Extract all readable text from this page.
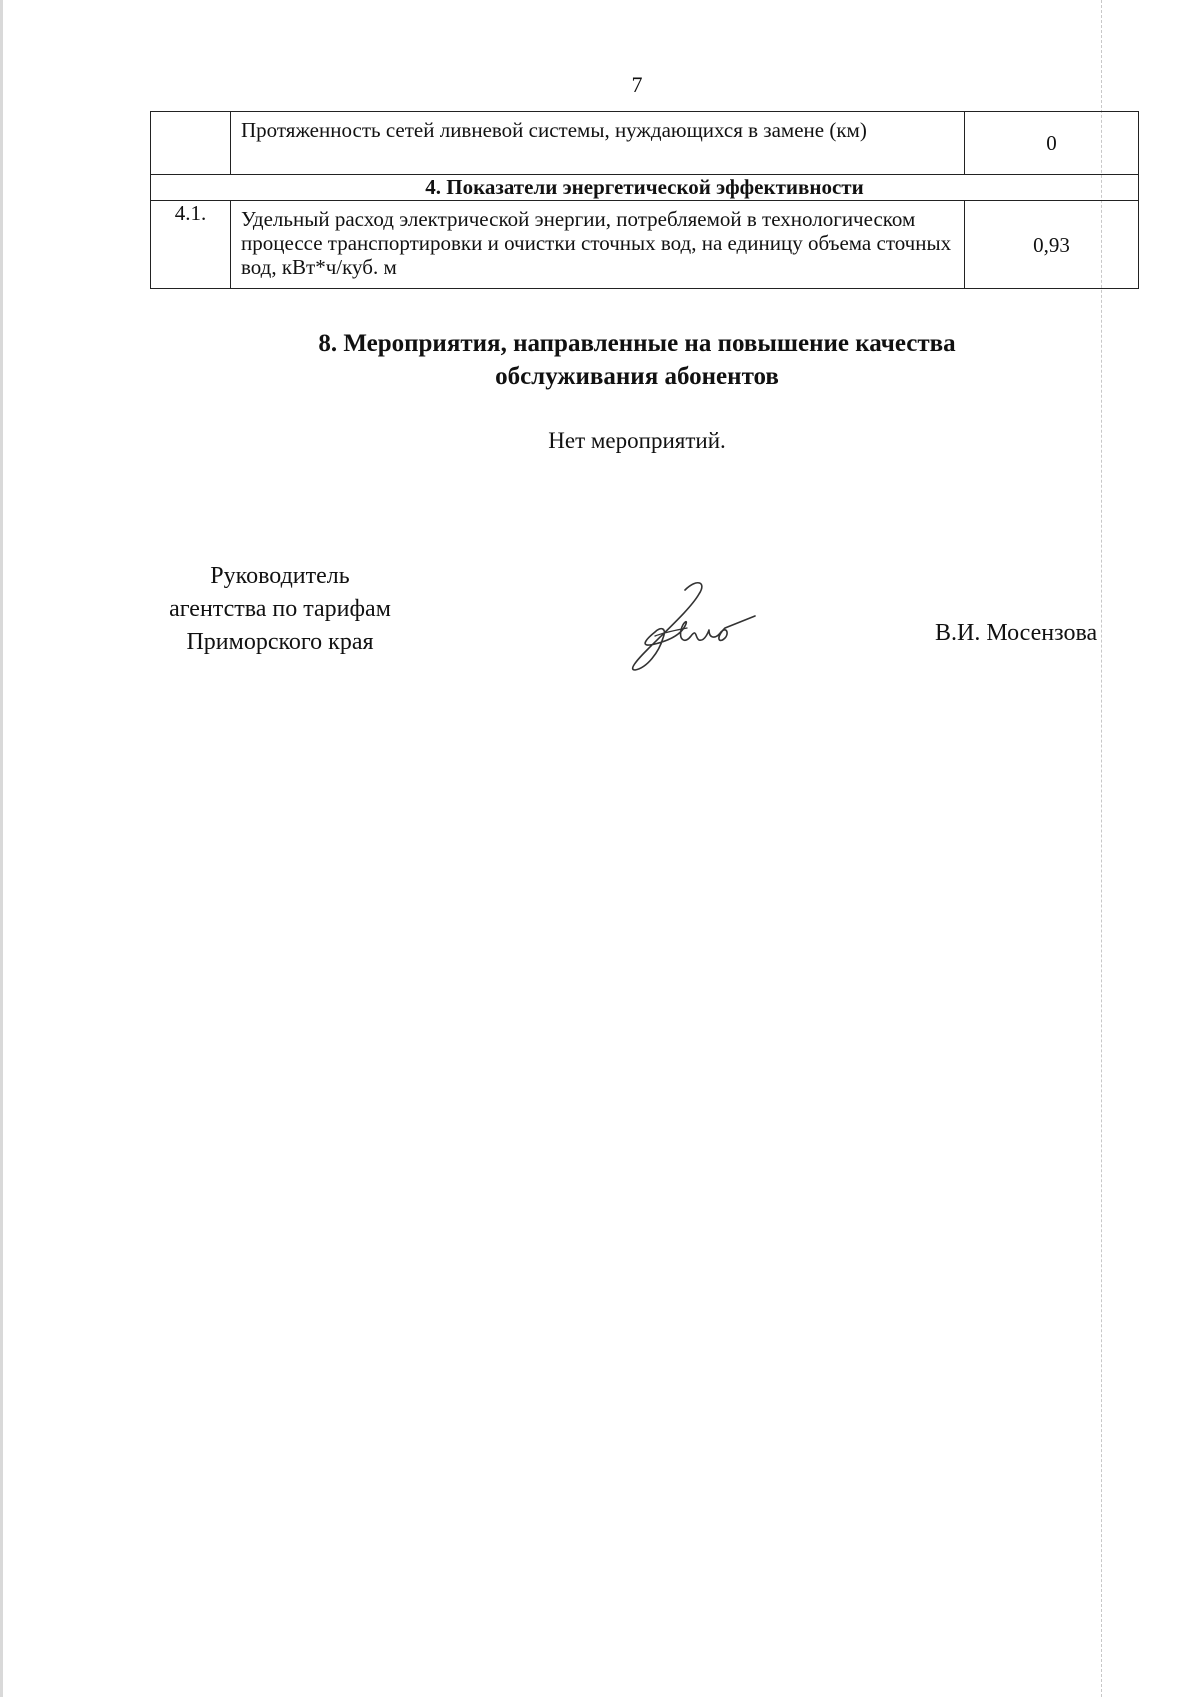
7
	Протяженность сетей ливневой системы, нуждающихся в замене (км)	0
4. Показатели энергетической эффективности		
4.1.	Удельный расход электрической энергии, потребляемой в технологическом процессе транспортировки и очистки сточных вод, на единицу объема сточных вод, кВт*ч/куб. м	0,93
8. Мероприятия, направленные на повышение качества
обслуживания абонентов
Нет мероприятий.
Руководитель
агентства по тарифам
Приморского края	В.И. Мосензова
